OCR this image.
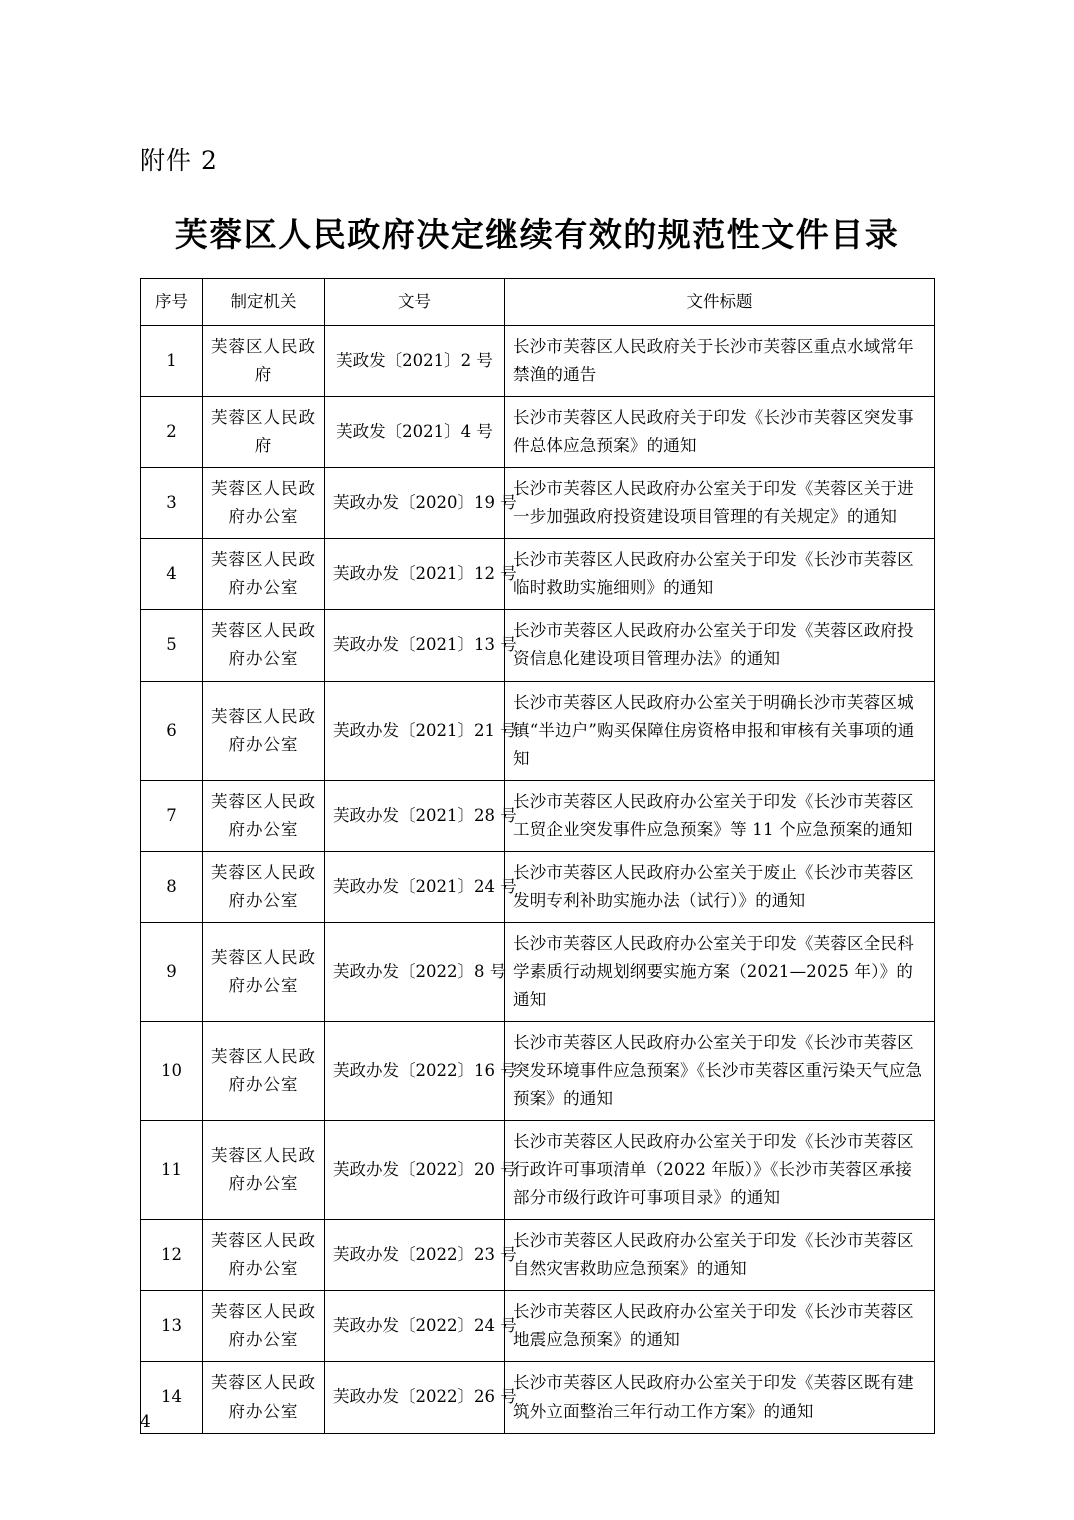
附件 2
芙蓉区人民政府决定继续有效的规范性文件目录
序号	制定机关	文号	文件标题
1	芙蓉区人民政府	芙政发〔2021〕2 号	长沙市芙蓉区人民政府关于长沙市芙蓉区重点水域常年禁渔的通告
2	芙蓉区人民政府	芙政发〔2021〕4 号	长沙市芙蓉区人民政府关于印发《长沙市芙蓉区突发事件总体应急预案》的通知
3	芙蓉区人民政府办公室	芙政办发〔2020〕19 号	长沙市芙蓉区人民政府办公室关于印发《芙蓉区关于进一步加强政府投资建设项目管理的有关规定》的通知
4	芙蓉区人民政府办公室	芙政办发〔2021〕12 号	长沙市芙蓉区人民政府办公室关于印发《长沙市芙蓉区临时救助实施细则》的通知
5	芙蓉区人民政府办公室	芙政办发〔2021〕13 号	长沙市芙蓉区人民政府办公室关于印发《芙蓉区政府投资信息化建设项目管理办法》的通知
6	芙蓉区人民政府办公室	芙政办发〔2021〕21 号	长沙市芙蓉区人民政府办公室关于明确长沙市芙蓉区城镇“半边户”购买保障住房资格申报和审核有关事项的通知
7	芙蓉区人民政府办公室	芙政办发〔2021〕28 号	长沙市芙蓉区人民政府办公室关于印发《长沙市芙蓉区工贸企业突发事件应急预案》等 11 个应急预案的通知
8	芙蓉区人民政府办公室	芙政办发〔2021〕24 号	长沙市芙蓉区人民政府办公室关于废止《长沙市芙蓉区发明专利补助实施办法（试行）》的通知
9	芙蓉区人民政府办公室	芙政办发〔2022〕8 号	长沙市芙蓉区人民政府办公室关于印发《芙蓉区全民科学素质行动规划纲要实施方案（2021—2025 年）》的通知
10	芙蓉区人民政府办公室	芙政办发〔2022〕16 号	长沙市芙蓉区人民政府办公室关于印发《长沙市芙蓉区突发环境事件应急预案》《长沙市芙蓉区重污染天气应急预案》的通知
11	芙蓉区人民政府办公室	芙政办发〔2022〕20 号	长沙市芙蓉区人民政府办公室关于印发《长沙市芙蓉区行政许可事项清单（2022 年版）》《长沙市芙蓉区承接部分市级行政许可事项目录》的通知
12	芙蓉区人民政府办公室	芙政办发〔2022〕23 号	长沙市芙蓉区人民政府办公室关于印发《长沙市芙蓉区自然灾害救助应急预案》的通知
13	芙蓉区人民政府办公室	芙政办发〔2022〕24 号	长沙市芙蓉区人民政府办公室关于印发《长沙市芙蓉区地震应急预案》的通知
14	芙蓉区人民政府办公室	芙政办发〔2022〕26 号	长沙市芙蓉区人民政府办公室关于印发《芙蓉区既有建筑外立面整治三年行动工作方案》的通知
4
